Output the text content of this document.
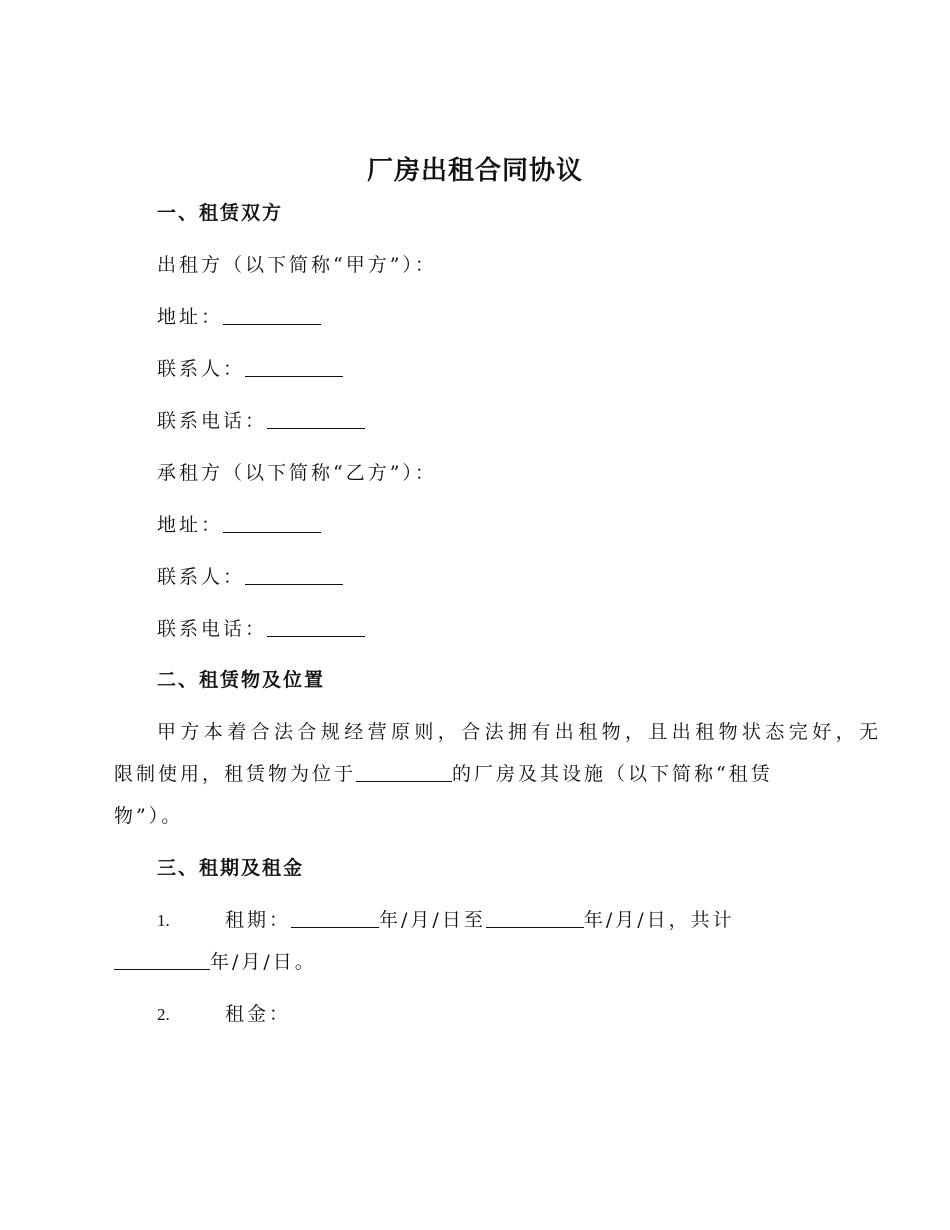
厂房出租合同协议
一、租赁双方
出租方（以下简称“甲方”）：
地址：
联系人：
联系电话：
承租方（以下简称“乙方”）：
地址：
联系人：
联系电话：
二、租赁物及位置
甲方本着合法合规经营原则，合法拥有出租物，且出租物状态完好，无
限制使用，租赁物为位于	的厂房及其设施（以下简称“租赁
物”）。
三、租期及租金
1.	租期：	年/月/日至	年/月/日，共计
年/月/日。
2.	租金：
